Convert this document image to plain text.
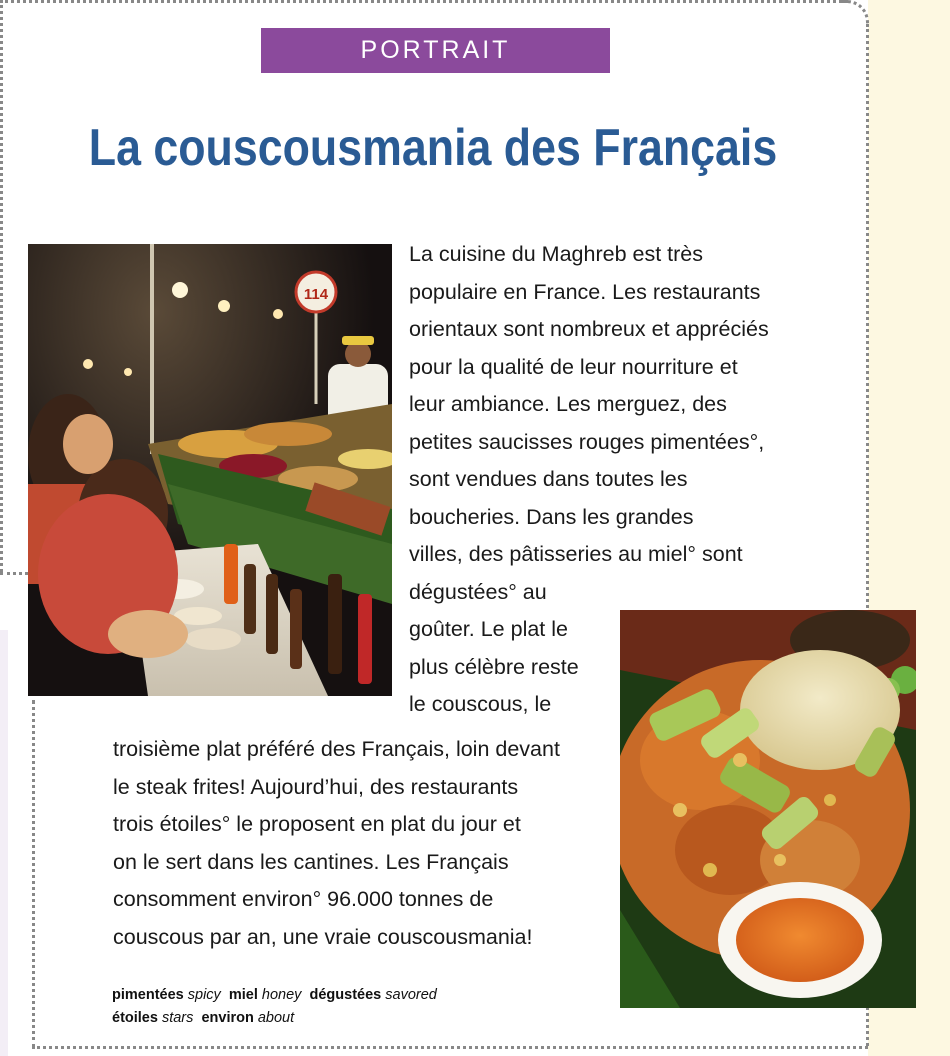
PORTRAIT
La couscousmania des Français
114
La cuisine du Maghreb est très
populaire en France. Les restaurants
orientaux sont nombreux et appréciés
pour la qualité de leur nourriture et
leur ambiance. Les merguez, des
petites saucisses rouges pimentées°,
sont vendues dans toutes les
boucheries. Dans les grandes
villes, des pâtisseries au miel° sont
dégustées° au
goûter. Le plat le
plus célèbre reste
le couscous, le
troisième plat préféré des Français, loin devant
le steak frites! Aujourd’hui, des restaurants
trois étoiles° le proposent en plat du jour et
on le sert dans les cantines. Les Français
consomment environ° 96.000 tonnes de
couscous par an, une vraie couscousmania!
pimentées spicy miel honey dégustées savored
étoiles stars environ about
